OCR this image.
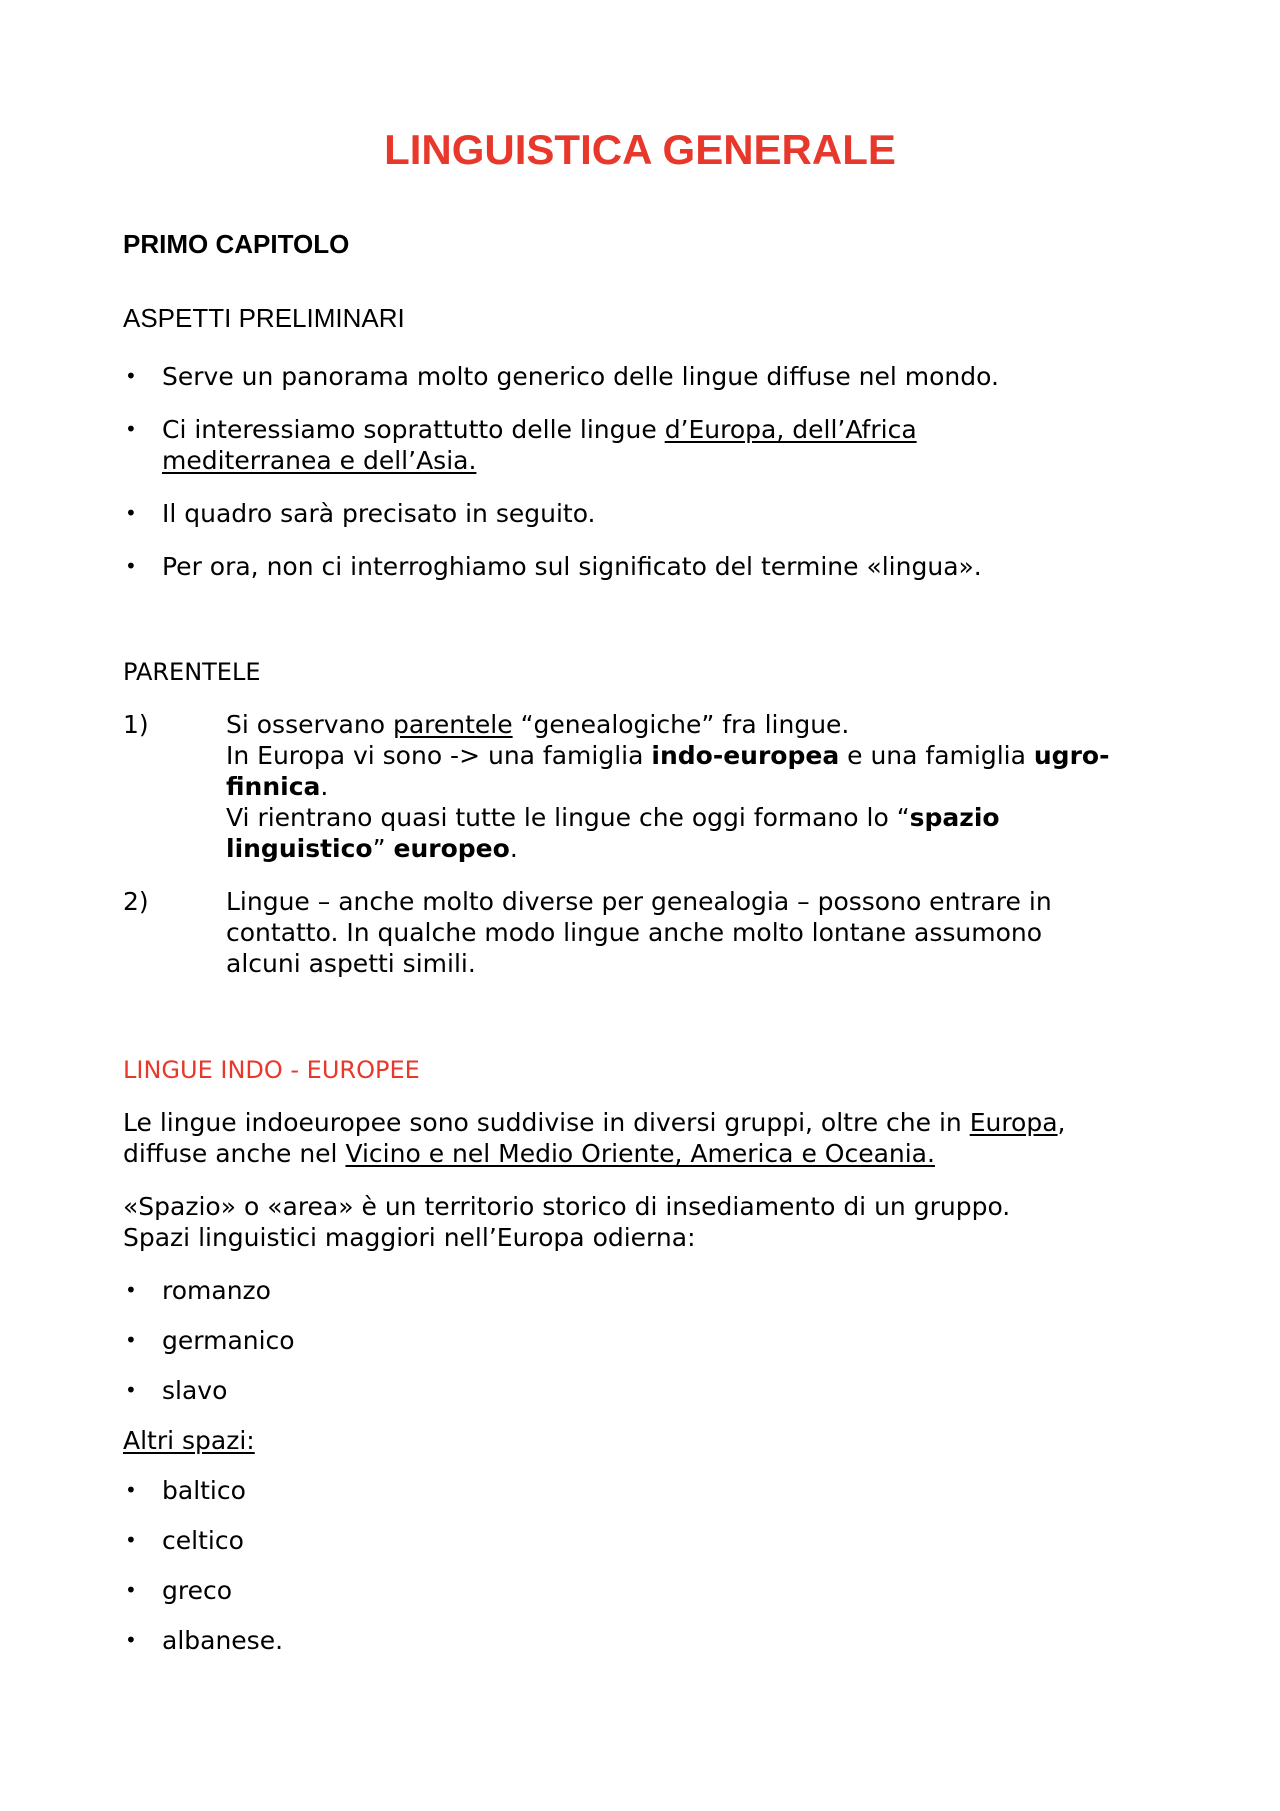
LINGUISTICA GENERALE
PRIMO CAPITOLO
ASPETTI PRELIMINARI
• Serve un panorama molto generico delle lingue diffuse nel mondo.
• Ci interessiamo soprattutto delle lingue d’Europa, dell’Africa
mediterranea e dell’Asia.
• Il quadro sarà precisato in seguito.
• Per ora, non ci interroghiamo sul significato del termine «lingua».
PARENTELE
1)	Si osservano parentele “genealogiche” fra lingue.
In Europa vi sono -> una famiglia indo-europea e una famiglia ugro-
finnica.
Vi rientrano quasi tutte le lingue che oggi formano lo “spazio
linguistico” europeo.
2)	Lingue – anche molto diverse per genealogia – possono entrare in
contatto. In qualche modo lingue anche molto lontane assumono
alcuni aspetti simili.
LINGUE INDO - EUROPEE
Le lingue indoeuropee sono suddivise in diversi gruppi, oltre che in Europa,
diffuse anche nel Vicino e nel Medio Oriente, America e Oceania.
«Spazio» o «area» è un territorio storico di insediamento di un gruppo.
Spazi linguistici maggiori nell’Europa odierna:
• romanzo
• germanico
• slavo
Altri spazi:
• baltico
• celtico
• greco
• albanese.
